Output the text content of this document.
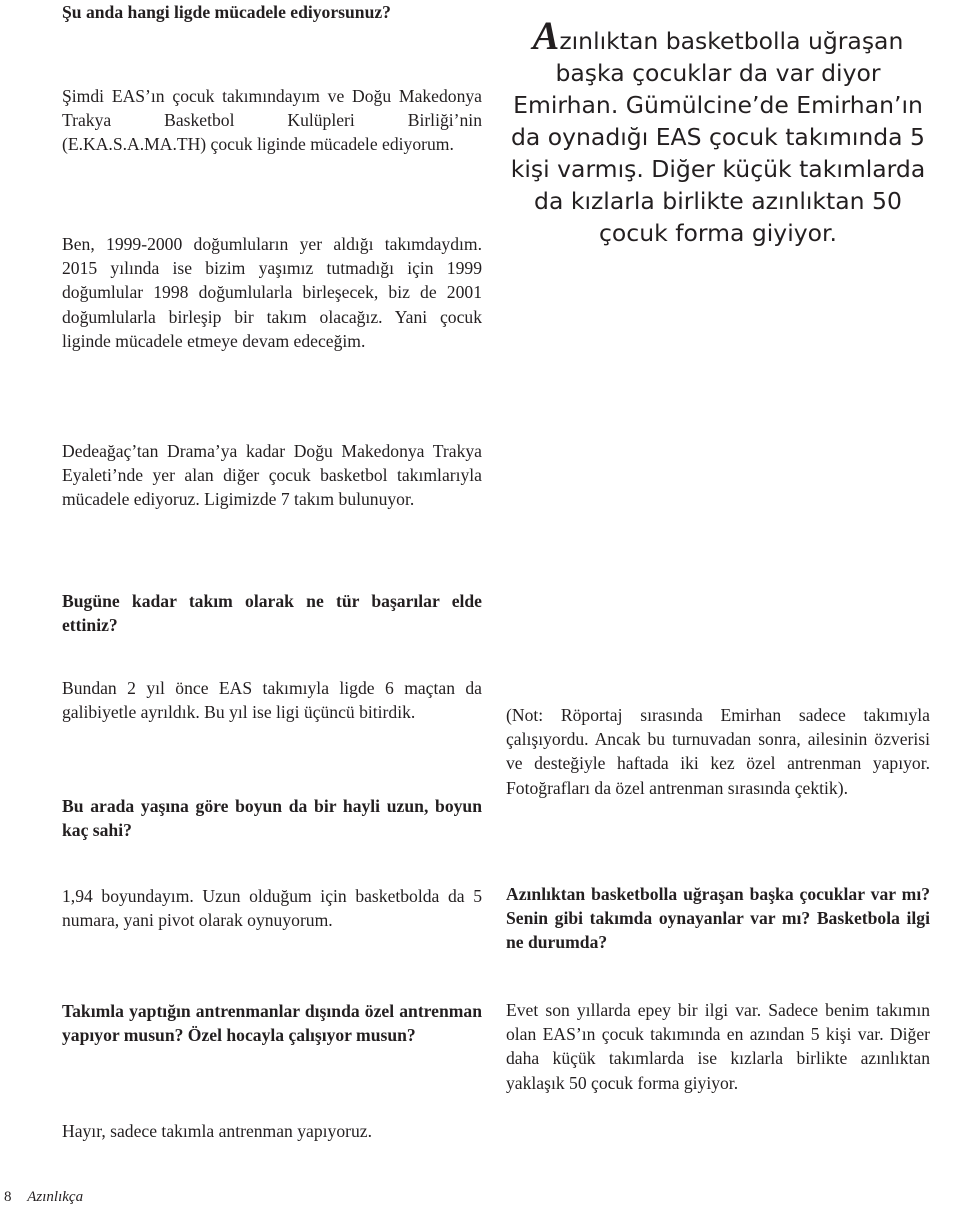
Şu anda hangi ligde mücadele ediyorsunuz?

Şimdi EAS’ın çocuk takımındayım ve Doğu Makedonya Trakya Basketbol Kulüpleri Birliği’nin (E.KA.S.A.MA.TH) çocuk liginde mücadele ediyorum.

Ben, 1999-2000 doğumluların yer aldığı takımdaydım. 2015 yılında ise bizim yaşımız tutmadığı için 1999 doğumlular 1998 doğumlularla birleşecek, biz de 2001 doğumlularla birleşip bir takım olacağız. Yani çocuk liginde mücadele etmeye devam edeceğim.

Dedeağaç’tan Drama’ya kadar Doğu Makedonya Trakya Eyaleti’nde yer alan diğer çocuk basketbol takımlarıyla mücadele ediyoruz. Ligimizde 7 takım bulunuyor.

Bugüne kadar takım olarak ne tür başarılar elde ettiniz?

Bundan 2 yıl önce EAS takımıyla ligde 6 maçtan da galibiyetle ayrıldık. Bu yıl ise ligi üçüncü bitirdik.

Bu arada yaşına göre boyun da bir hayli uzun, boyun kaç sahi?

1,94 boyundayım. Uzun olduğum için basketbolda da 5 numara, yani pivot olarak oynuyorum.

Takımla yaptığın antrenmanlar dışında özel antrenman yapıyor musun? Özel hocayla çalışıyor musun?

Hayır, sadece takımla antrenman yapıyoruz.

Azınlıktan basketbolla uğraşan başka çocuklar da var diyor Emirhan. Gümülcine’de Emirhan’ın da oynadığı EAS çocuk takımında 5 kişi varmış. Diğer küçük takımlarda da kızlarla birlikte azınlıktan 50 çocuk forma giyiyor.

(Not: Röportaj sırasında Emirhan sadece takımıyla çalışıyordu. Ancak bu turnuvadan sonra, ailesinin özverisi ve desteğiyle haftada iki kez özel antrenman yapıyor. Fotoğrafları da özel antrenman sırasında çektik).

Azınlıktan basketbolla uğraşan başka çocuklar var mı? Senin gibi takımda oynayanlar var mı? Basketbola ilgi ne durumda?

Evet son yıllarda epey bir ilgi var. Sadece benim takımın olan EAS’ın çocuk takımında en azından 5 kişi var. Diğer daha küçük takımlarda ise kızlarla birlikte azınlıktan yaklaşık 50 çocuk forma giyiyor.

8 Azınlıkça
